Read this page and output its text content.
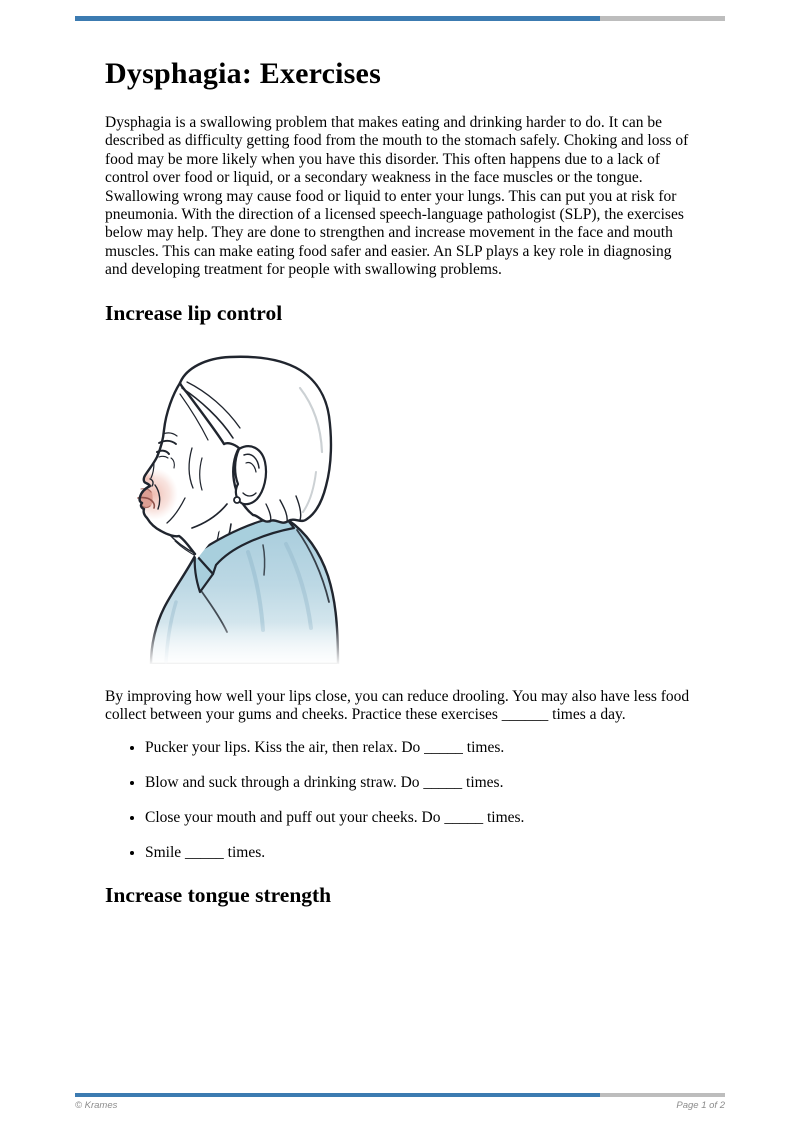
Dysphagia: Exercises

Dysphagia is a swallowing problem that makes eating and drinking harder to do. It can be described as difficulty getting food from the mouth to the stomach safely. Choking and loss of food may be more likely when you have this disorder. This often happens due to a lack of control over food or liquid, or a secondary weakness in the face muscles or the tongue. Swallowing wrong may cause food or liquid to enter your lungs. This can put you at risk for pneumonia. With the direction of a licensed speech-language pathologist (SLP), the exercises below may help. They are done to strengthen and increase movement in the face and mouth muscles. This can make eating food safer and easier. An SLP plays a key role in diagnosing and developing treatment for people with swallowing problems.

Increase lip control

By improving how well your lips close, you can reduce drooling. You may also have less food collect between your gums and cheeks. Practice these exercises ______ times a day.

• Pucker your lips. Kiss the air, then relax. Do _____ times.
• Blow and suck through a drinking straw. Do _____ times.
• Close your mouth and puff out your cheeks. Do _____ times.
• Smile _____ times.
Increase tongue strength
© Krames	Page 1 of 2
